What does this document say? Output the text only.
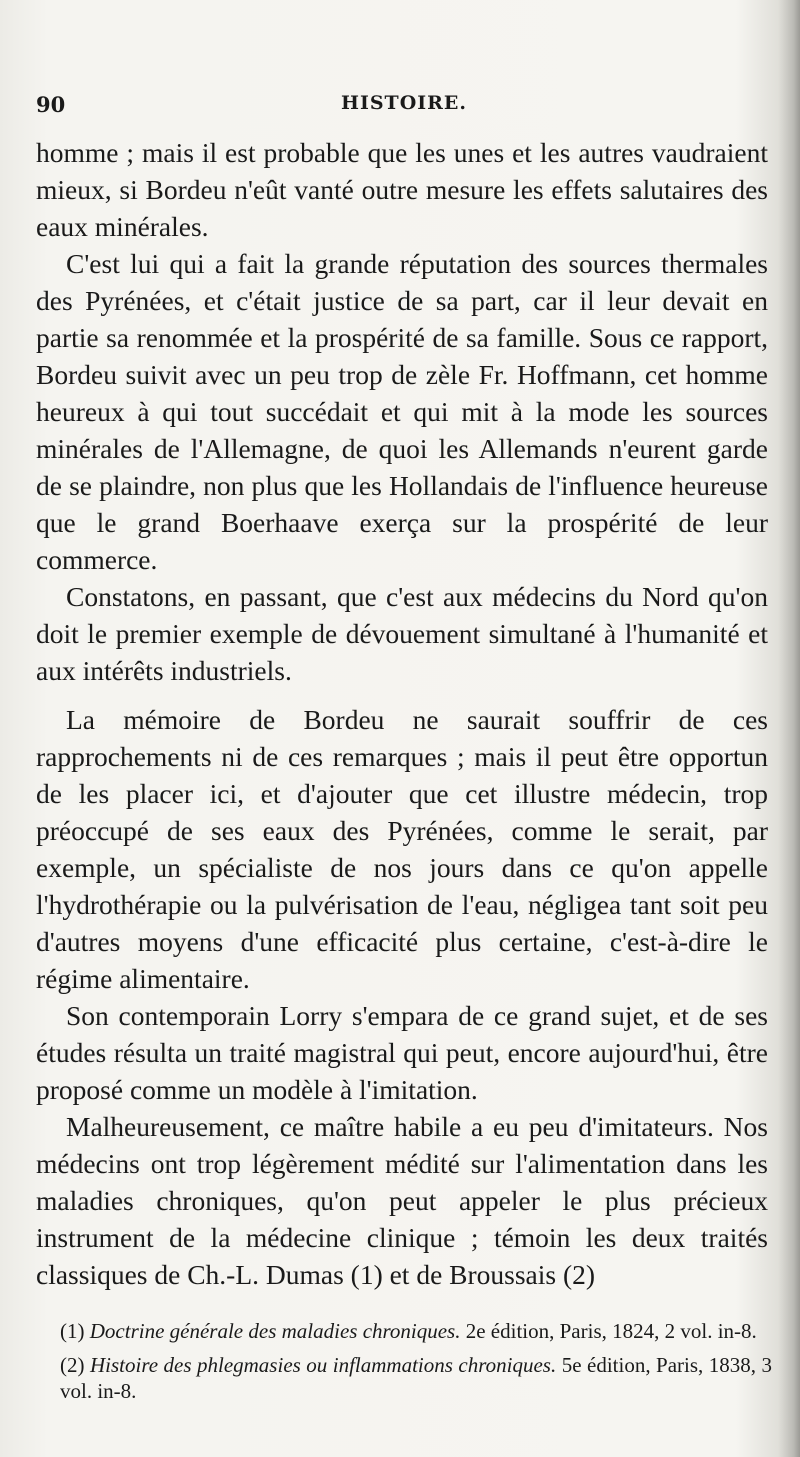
90	HISTOIRE.

homme ; mais il est probable que les unes et les autres vaudraient mieux, si Bordeu n'eût vanté outre mesure les effets salutaires des eaux minérales.

C'est lui qui a fait la grande réputation des sources thermales des Pyrénées, et c'était justice de sa part, car il leur devait en partie sa renommée et la prospérité de sa famille. Sous ce rapport, Bordeu suivit avec un peu trop de zèle Fr. Hoffmann, cet homme heureux à qui tout succédait et qui mit à la mode les sources minérales de l'Allemagne, de quoi les Allemands n'eurent garde de se plaindre, non plus que les Hollandais de l'influence heureuse que le grand Boerhaave exerça sur la prospérité de leur commerce.

Constatons, en passant, que c'est aux médecins du Nord qu'on doit le premier exemple de dévouement simultané à l'humanité et aux intérêts industriels.

La mémoire de Bordeu ne saurait souffrir de ces rapprochements ni de ces remarques ; mais il peut être opportun de les placer ici, et d'ajouter que cet illustre médecin, trop préoccupé de ses eaux des Pyrénées, comme le serait, par exemple, un spécialiste de nos jours dans ce qu'on appelle l'hydrothérapie ou la pulvérisation de l'eau, négligea tant soit peu d'autres moyens d'une efficacité plus certaine, c'est-à-dire le régime alimentaire.

Son contemporain Lorry s'empara de ce grand sujet, et de ses études résulta un traité magistral qui peut, encore aujourd'hui, être proposé comme un modèle à l'imitation.

Malheureusement, ce maître habile a eu peu d'imitateurs. Nos médecins ont trop légèrement médité sur l'alimentation dans les maladies chroniques, qu'on peut appeler le plus précieux instrument de la médecine clinique ; témoin les deux traités classiques de Ch.-L. Dumas (1) et de Broussais (2)

(1) Doctrine générale des maladies chroniques. 2e édition, Paris, 1824, 2 vol. in-8.

(2) Histoire des phlegmasies ou inflammations chroniques. 5e édition, Paris, 1838, 3 vol. in-8.
